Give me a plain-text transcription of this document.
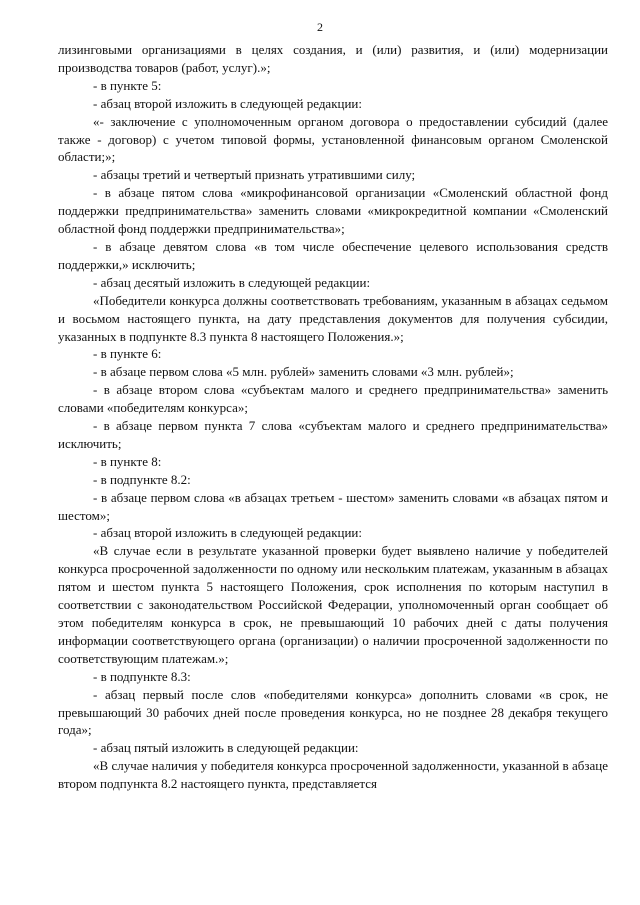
2

лизинговыми организациями в целях создания, и (или) развития, и (или) модернизации производства товаров (работ, услуг).»;

- в пункте 5:

- абзац второй изложить в следующей редакции:

«- заключение с уполномоченным органом договора о предоставлении субсидий (далее также - договор) с учетом типовой формы, установленной финансовым органом Смоленской области;»;

- абзацы третий и четвертый признать утратившими силу;

- в абзаце пятом слова «микрофинансовой организации «Смоленский областной фонд поддержки предпринимательства» заменить словами «микрокредитной компании «Смоленский областной фонд поддержки предпринимательства»;

- в абзаце девятом слова «в том числе обеспечение целевого использования средств поддержки,» исключить;

- абзац десятый изложить в следующей редакции:

«Победители конкурса должны соответствовать требованиям, указанным в абзацах седьмом и восьмом настоящего пункта, на дату представления документов для получения субсидии, указанных в подпункте 8.3 пункта 8 настоящего Положения.»;

- в пункте 6:

- в абзаце первом слова «5 млн. рублей» заменить словами «3 млн. рублей»;

- в абзаце втором слова «субъектам малого и среднего предпринимательства» заменить словами «победителям конкурса»;

- в абзаце первом пункта 7 слова «субъектам малого и среднего предпринимательства» исключить;

- в пункте 8:

- в подпункте 8.2:

- в абзаце первом слова «в абзацах третьем - шестом» заменить словами «в абзацах пятом и шестом»;

- абзац второй изложить в следующей редакции:

«В случае если в результате указанной проверки будет выявлено наличие у победителей конкурса просроченной задолженности по одному или нескольким платежам, указанным в абзацах пятом и шестом пункта 5 настоящего Положения, срок исполнения по которым наступил в соответствии с законодательством Российской Федерации, уполномоченный орган сообщает об этом победителям конкурса в срок, не превышающий 10 рабочих дней с даты получения информации соответствующего органа (организации) о наличии просроченной задолженности по соответствующим платежам.»;

- в подпункте 8.3:

- абзац первый после слов «победителями конкурса» дополнить словами «в срок, не превышающий 30 рабочих дней после проведения конкурса, но не позднее 28 декабря текущего года»;

- абзац пятый изложить в следующей редакции:

«В случае наличия у победителя конкурса просроченной задолженности, указанной в абзаце втором подпункта 8.2 настоящего пункта, представляется
